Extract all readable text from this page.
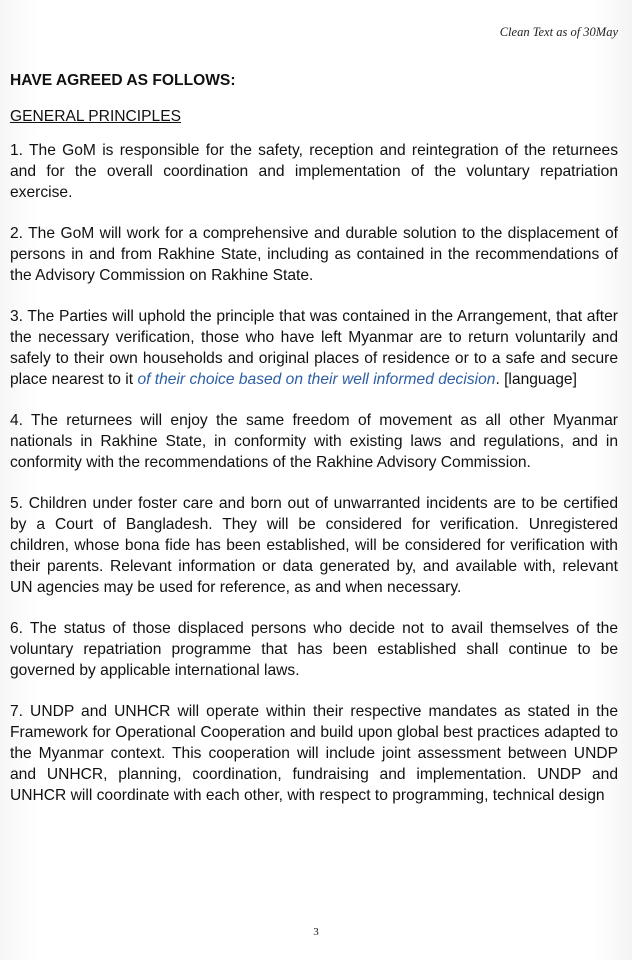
Clean Text as of 30May

HAVE AGREED AS FOLLOWS:

GENERAL PRINCIPLES

1. The GoM is responsible for the safety, reception and reintegration of the returnees and for the overall coordination and implementation of the voluntary repatriation exercise.

2. The GoM will work for a comprehensive and durable solution to the displacement of persons in and from Rakhine State, including as contained in the recommendations of the Advisory Commission on Rakhine State.

3. The Parties will uphold the principle that was contained in the Arrangement, that after the necessary verification, those who have left Myanmar are to return voluntarily and safely to their own households and original places of residence or to a safe and secure place nearest to it of their choice based on their well informed decision. [language]

4. The returnees will enjoy the same freedom of movement as all other Myanmar nationals in Rakhine State, in conformity with existing laws and regulations, and in conformity with the recommendations of the Rakhine Advisory Commission.

5. Children under foster care and born out of unwarranted incidents are to be certified by a Court of Bangladesh. They will be considered for verification. Unregistered children, whose bona fide has been established, will be considered for verification with their parents. Relevant information or data generated by, and available with, relevant UN agencies may be used for reference, as and when necessary.

6. The status of those displaced persons who decide not to avail themselves of the voluntary repatriation programme that has been established shall continue to be governed by applicable international laws.

7. UNDP and UNHCR will operate within their respective mandates as stated in the Framework for Operational Cooperation and build upon global best practices adapted to the Myanmar context. This cooperation will include joint assessment between UNDP and UNHCR, planning, coordination, fundraising and implementation. UNDP and UNHCR will coordinate with each other, with respect to programming, technical design

3
